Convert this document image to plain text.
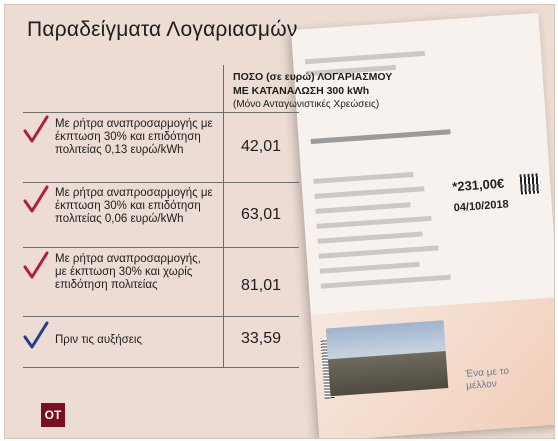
*231,00€
04/10/2018
Ένα με το μέλλον
Παραδείγματα Λογαριασμών
ΠΟΣΟ (σε ευρώ) ΛΟΓΑΡΙΑΣΜΟΥ ΜΕ ΚΑΤΑΝΑΛΩΣΗ 300 kWh
(Μόνο Ανταγωνιστικές Χρεώσεις)
Με ρήτρα αναπροσαρμογής με έκπτωση 30% και επιδότηση πολιτείας 0,13 ευρώ/kWh	42,01
Με ρήτρα αναπροσαρμογής με έκπτωση 30% και επιδότηση πολιτείας 0,06 ευρώ/kWh	63,01
Με ρήτρα αναπροσαρμογής, με έκπτωση 30% και χωρίς επιδότηση πολιτείας	81,01
Πριν τις αυξήσεις	33,59
OT
